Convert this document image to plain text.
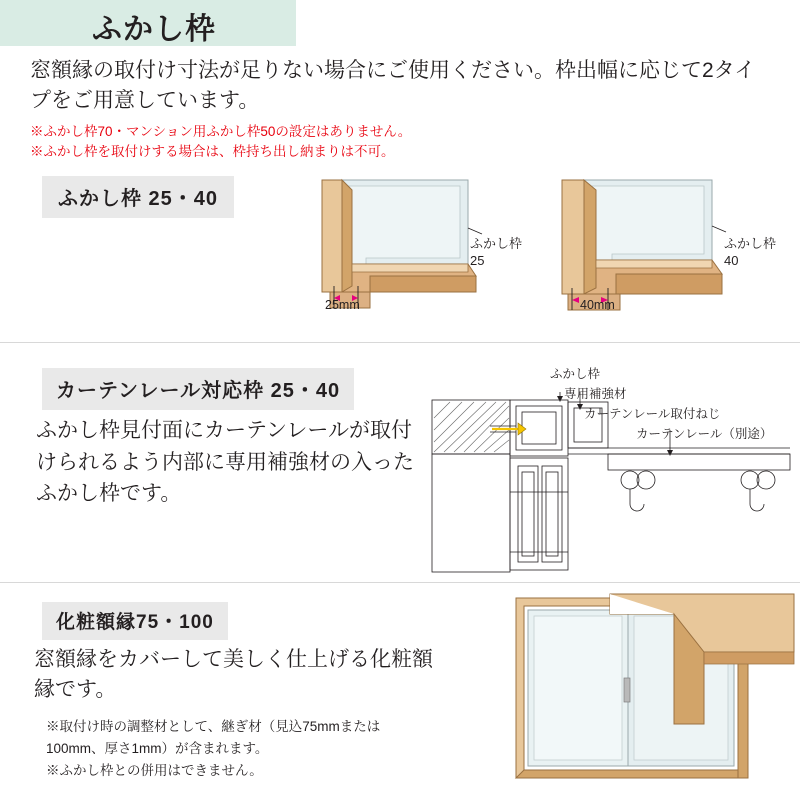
ふかし枠
窓額縁の取付け寸法が足りない場合にご使用ください。枠出幅に応じて2タイプをご用意しています。
※ふかし枠70・マンション用ふかし枠50の設定はありません。
※ふかし枠を取付けする場合は、枠持ち出し納まりは不可。
ふかし枠 25・40
ふかし枠
25
ふかし枠
40
25mm	40mm
カーテンレール対応枠 25・40
ふかし枠見付面にカーテンレールが取付けられるよう内部に専用補強材の入ったふかし枠です。
ふかし枠
専用補強材
カーテンレール取付ねじ
カーテンレール（別途）
化粧額縁75・100
窓額縁をカバーして美しく仕上げる化粧額縁です。
※取付け時の調整材として、継ぎ材（見込75mmまたは
100mm、厚さ1mm）が含まれます。
※ふかし枠との併用はできません。
